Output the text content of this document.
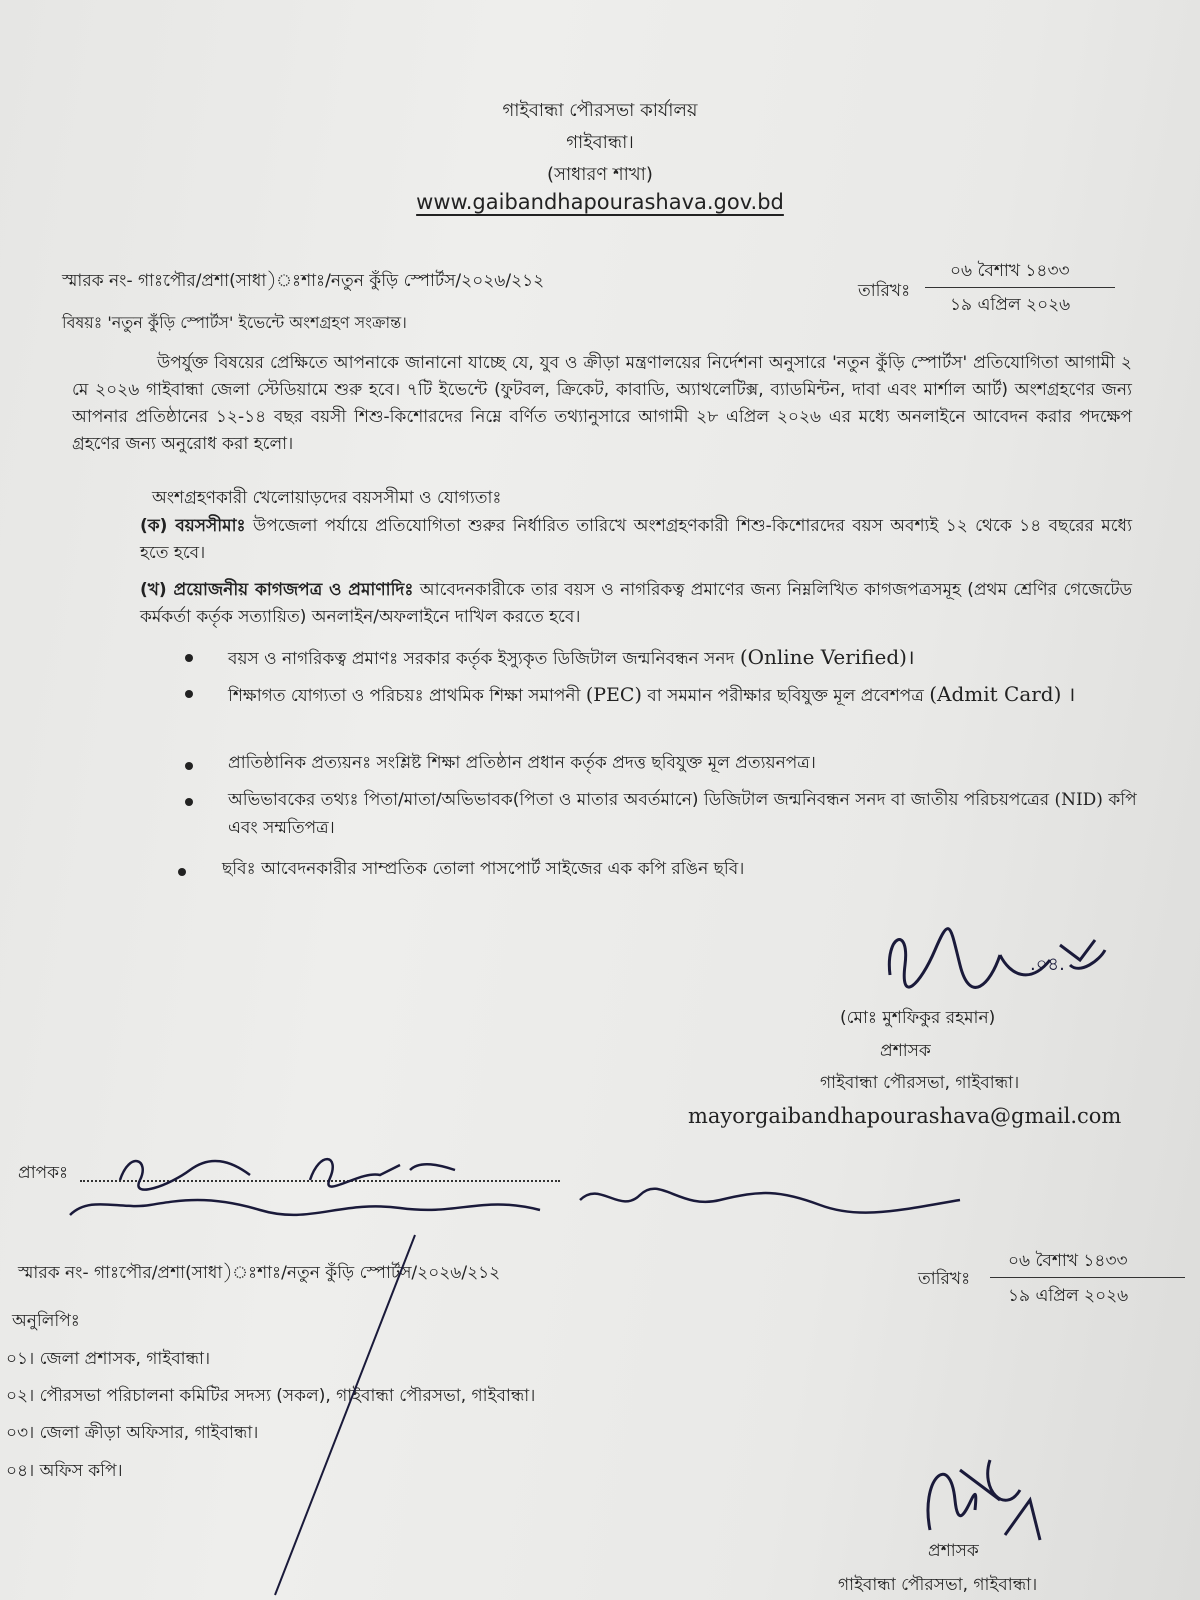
গাইবান্ধা পৌরসভা কার্যালয়
গাইবান্ধা।
(সাধারণ শাখা)
www.gaibandhapourashava.gov.bd
স্মারক নং- গাঃপৌর/প্রশা(সাধা)ঃশাঃ/নতুন কুঁড়ি স্পোর্টস/২০২৬/২১২	তারিখঃ
০৬ বৈশাখ ১৪৩৩
১৯ এপ্রিল ২০২৬
বিষয়ঃ 'নতুন কুঁড়ি স্পোর্টস' ইভেন্টে অংশগ্রহণ সংক্রান্ত।
উপর্যুক্ত বিষয়ের প্রেক্ষিতে আপনাকে জানানো যাচ্ছে যে, যুব ও ক্রীড়া মন্ত্রণালয়ের নির্দেশনা অনুসারে 'নতুন কুঁড়ি স্পোর্টস' প্রতিযোগিতা আগামী ২ মে ২০২৬ গাইবান্ধা জেলা স্টেডিয়ামে শুরু হবে। ৭টি ইভেন্টে (ফুটবল, ক্রিকেট, কাবাডি, অ্যাথলেটিক্স, ব্যাডমিন্টন, দাবা এবং মার্শাল আর্ট) অংশগ্রহণের জন্য আপনার প্রতিষ্ঠানের ১২-১৪ বছর বয়সী শিশু-কিশোরদের নিম্নে বর্ণিত তথ্যানুসারে আগামী ২৮ এপ্রিল ২০২৬ এর মধ্যে অনলাইনে আবেদন করার পদক্ষেপ গ্রহণের জন্য অনুরোধ করা হলো।
অংশগ্রহণকারী খেলোয়াড়দের বয়সসীমা ও যোগ্যতাঃ
(ক) বয়সসীমাঃ উপজেলা পর্যায়ে প্রতিযোগিতা শুরুর নির্ধারিত তারিখে অংশগ্রহণকারী শিশু-কিশোরদের বয়স অবশ্যই ১২ থেকে ১৪ বছরের মধ্যে হতে হবে।
(খ) প্রয়োজনীয় কাগজপত্র ও প্রমাণাদিঃ আবেদনকারীকে তার বয়স ও নাগরিকত্ব প্রমাণের জন্য নিম্নলিখিত কাগজপত্রসমূহ (প্রথম শ্রেণির গেজেটেড কর্মকর্তা কর্তৃক সত্যায়িত) অনলাইন/অফলাইনে দাখিল করতে হবে।
বয়স ও নাগরিকত্ব প্রমাণঃ সরকার কর্তৃক ইস্যুকৃত ডিজিটাল জন্মনিবন্ধন সনদ (Online Verified)।
শিক্ষাগত যোগ্যতা ও পরিচয়ঃ প্রাথমিক শিক্ষা সমাপনী (PEC) বা সমমান পরীক্ষার ছবিযুক্ত মূল প্রবেশপত্র (Admit Card) ।
প্রাতিষ্ঠানিক প্রত্যয়নঃ সংশ্লিষ্ট শিক্ষা প্রতিষ্ঠান প্রধান কর্তৃক প্রদত্ত ছবিযুক্ত মূল প্রত্যয়নপত্র।
অভিভাবকের তথ্যঃ পিতা/মাতা/অভিভাবক(পিতা ও মাতার অবর্তমানে) ডিজিটাল জন্মনিবন্ধন সনদ বা জাতীয় পরিচয়পত্রের (NID) কপি এবং সম্মতিপত্র।
ছবিঃ আবেদনকারীর সাম্প্রতিক তোলা পাসপোর্ট সাইজের এক কপি রঙিন ছবি।
.০৪.
(মোঃ মুশফিকুর রহমান)
প্রশাসক
গাইবান্ধা পৌরসভা, গাইবান্ধা।
mayorgaibandhapourashava@gmail.com
প্রাপকঃ
স্মারক নং- গাঃপৌর/প্রশা(সাধা)ঃশাঃ/নতুন কুঁড়ি স্পোর্টস/২০২৬/২১২	তারিখঃ
০৬ বৈশাখ ১৪৩৩
১৯ এপ্রিল ২০২৬
অনুলিপিঃ
০১। জেলা প্রশাসক, গাইবান্ধা।
০২। পৌরসভা পরিচালনা কমিটির সদস্য (সকল), গাইবান্ধা পৌরসভা, গাইবান্ধা।
০৩। জেলা ক্রীড়া অফিসার, গাইবান্ধা।
০৪। অফিস কপি।
প্রশাসক
গাইবান্ধা পৌরসভা, গাইবান্ধা।
